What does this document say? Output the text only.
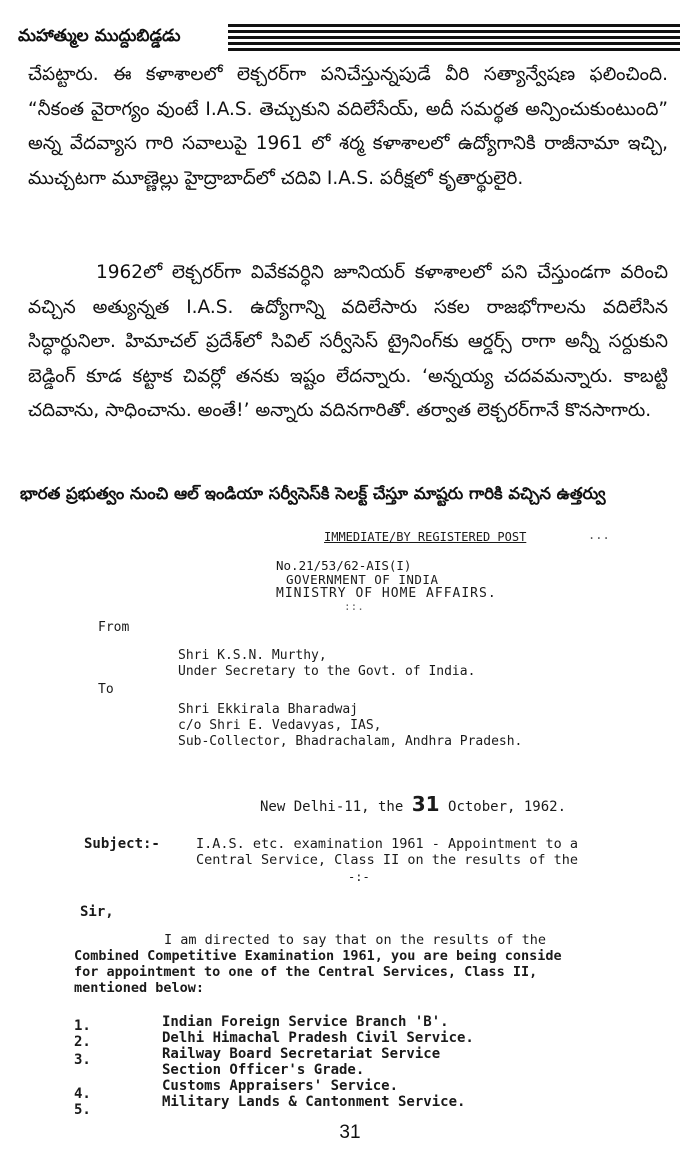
మహాత్ముల ముద్దుబిడ్డడు

చేపట్టారు. ఈ కళాశాలలో లెక్చరర్‌గా పనిచేస్తున్నపుడే వీరి సత్యాన్వేషణ ఫలించింది. “నీకంత వైరాగ్యం వుంటే I.A.S. తెచ్చుకుని వదిలేసేయ్, అదీ సమర్థత అన్పించుకుంటుంది” అన్న వేదవ్యాస గారి సవాలుపై 1961 లో శర్మ కళాశాలలో ఉద్యోగానికి రాజీనామా ఇచ్చి, ముచ్చటగా మూణ్ణెల్లు హైద్రాబాద్‌లో చదివి I.A.S. పరీక్షలో కృతార్థులైరి.

1962లో లెక్చరర్‌గా వివేకవర్ధిని జూనియర్ కళాశాలలో పని చేస్తుండగా వరించి వచ్చిన అత్యున్నత I.A.S. ఉద్యోగాన్ని వదిలేసారు సకల రాజభోగాలను వదిలేసిన సిద్ధార్థునిలా. హిమాచల్ ప్రదేశ్‌లో సివిల్ సర్వీసెస్ ట్రైనింగ్‌కు ఆర్డర్స్ రాగా అన్నీ సర్దుకుని బెడ్డింగ్ కూడ కట్టాక చివర్లో తనకు ఇష్టం లేదన్నారు. ‘అన్నయ్య చదవమన్నారు. కాబట్టి చదివాను, సాధించాను. అంతే!’ అన్నారు వదినగారితో. తర్వాత లెక్చరర్‌గానే కొనసాగారు.

భారత ప్రభుత్వం నుంచి ఆల్ ఇండియా సర్వీసెస్‌కి సెలక్ట్ చేస్తూ మాష్టరు గారికి వచ్చిన ఉత్తర్వు
IMMEDIATE/BY REGISTERED POST	...
No.21/53/62-AIS(I)
GOVERNMENT OF INDIA
MINISTRY OF HOME AFFAIRS.
::.
From
Shri K.S.N. Murthy,
Under Secretary to the Govt. of India.
To
Shri Ekkirala Bharadwaj
c/o Shri E. Vedavyas, IAS,
Sub-Collector, Bhadrachalam, Andhra Pradesh.
New Delhi-11, the 31 October, 1962.
Subject:-	I.A.S. etc. examination 1961 - Appointment to a
Central Service, Class II on the results of the
-:-
Sir,
I am directed to say that on the results of the
Combined Competitive Examination 1961, you are being conside
for appointment to one of the Central Services, Class II,
mentioned below:
1.
2.
3.
4.
5.
Indian Foreign Service Branch 'B'.
Delhi Himachal Pradesh Civil Service.
Railway Board Secretariat Service
Section Officer's Grade.
Customs Appraisers' Service.
Military Lands & Cantonment Service.
31
